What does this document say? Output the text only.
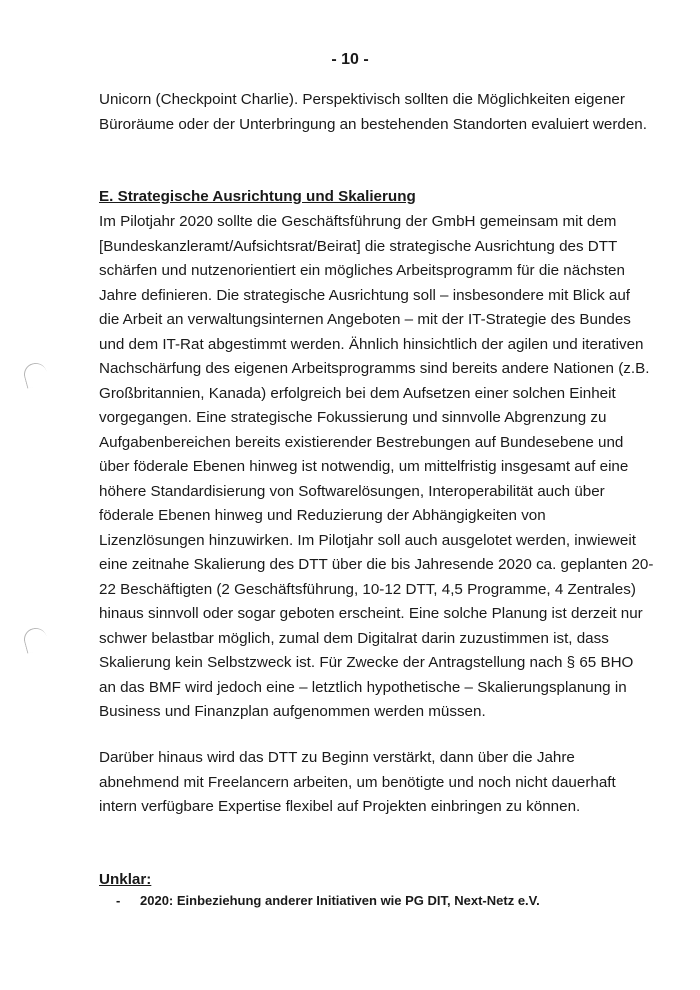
- 10 -

Unicorn (Checkpoint Charlie). Perspektivisch sollten die Möglichkeiten eigener
Büroräume oder der Unterbringung an bestehenden Standorten evaluiert werden.

E. Strategische Ausrichtung und Skalierung

Im Pilotjahr 2020 sollte die Geschäftsführung der GmbH gemeinsam mit dem
[Bundeskanzleramt/Aufsichtsrat/Beirat] die strategische Ausrichtung des DTT
schärfen und nutzenorientiert ein mögliches Arbeitsprogramm für die nächsten
Jahre definieren. Die strategische Ausrichtung soll – insbesondere mit Blick auf
die Arbeit an verwaltungsinternen Angeboten – mit der IT-Strategie des Bundes
und dem IT-Rat abgestimmt werden. Ähnlich hinsichtlich der agilen und iterativen
Nachschärfung des eigenen Arbeitsprogramms sind bereits andere Nationen (z.B.
Großbritannien, Kanada) erfolgreich bei dem Aufsetzen einer solchen Einheit
vorgegangen. Eine strategische Fokussierung und sinnvolle Abgrenzung zu
Aufgabenbereichen bereits existierender Bestrebungen auf Bundesebene und
über föderale Ebenen hinweg ist notwendig, um mittelfristig insgesamt auf eine
höhere Standardisierung von Softwarelösungen, Interoperabilität auch über
föderale Ebenen hinweg und Reduzierung der Abhängigkeiten von
Lizenzlösungen hinzuwirken. Im Pilotjahr soll auch ausgelotet werden, inwieweit
eine zeitnahe Skalierung des DTT über die bis Jahresende 2020 ca. geplanten 20-
22 Beschäftigten (2 Geschäftsführung, 10-12 DTT, 4,5 Programme, 4 Zentrales)
hinaus sinnvoll oder sogar geboten erscheint. Eine solche Planung ist derzeit nur
schwer belastbar möglich, zumal dem Digitalrat darin zuzustimmen ist, dass
Skalierung kein Selbstzweck ist. Für Zwecke der Antragstellung nach § 65 BHO
an das BMF wird jedoch eine – letztlich hypothetische – Skalierungsplanung in
Business und Finanzplan aufgenommen werden müssen.

Darüber hinaus wird das DTT zu Beginn verstärkt, dann über die Jahre
abnehmend mit Freelancern arbeiten, um benötigte und noch nicht dauerhaft
intern verfügbare Expertise flexibel auf Projekten einbringen zu können.

Unklar:
- 2020: Einbeziehung anderer Initiativen wie PG DIT, Next-Netz e.V.
